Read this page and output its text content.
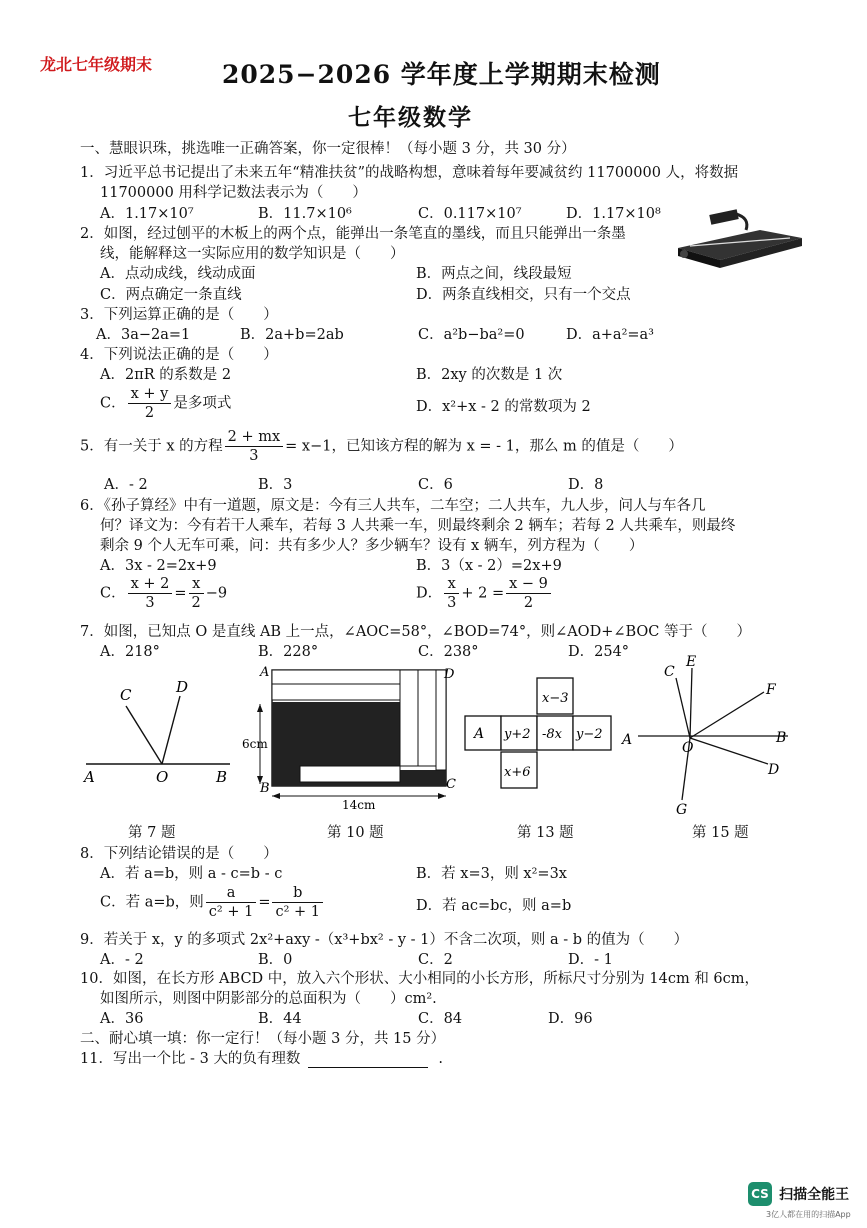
龙北七年级期末	2025−2026 学年度上学期期末检测
七年级数学
一、慧眼识珠，挑选唯一正确答案，你一定很棒！（每小题 3 分，共 30 分）
1．习近平总书记提出了未来五年“精准扶贫”的战略构想，意味着每年要减贫约 11700000 人，将数据
11700000 用科学记数法表示为（　　）
A．1.17×10⁷	B．11.7×10⁶	C．0.117×10⁷	D．1.17×10⁸
2．如图，经过刨平的木板上的两个点，能弹出一条笔直的墨线，而且只能弹出一条墨
线，能解释这一实际应用的数学知识是（　　）
A．点动成线，线动成面	B．两点之间，线段最短
C．两点确定一条直线	D．两条直线相交，只有一个交点
3．下列运算正确的是（　　）
A．3a−2a=1	B．2a+b=2ab	C．a²b−ba²=0	D．a+a²=a³
4．下列说法正确的是（　　）
A．2πR 的系数是 2	B．2xy 的次数是 1 次
C． $\frac{x + y}{2}$ 是多项式	D．x²+x - 2 的常数项为 2
5．有一关于 x 的方程 $\frac{2 + mx}{3} = x-1$，已知该方程的解为 x = - 1，那么 m 的值是（　　）
A．- 2	B．3	C．6	D．8
6．《孙子算经》中有一道题，原文是：今有三人共车，二车空；二人共车，九人步，问人与车各几
何？译文为：今有若干人乘车，若每 3 人共乘一车，则最终剩余 2 辆车；若每 2 人共乘车，则最终
剩余 9 个人无车可乘，问：共有多少人？多少辆车？设有 x 辆车，列方程为（　　）
A．3x - 2=2x+9	B．3（x - 2）=2x+9
C． $\frac{x + 2}{3} = \frac{x}{2} -9$	D． $\frac{x}{3} + 2 = \frac{x - 9}{2}$
7．如图，已知点 O 是直线 AB 上一点，∠AOC=58°，∠BOD=74°，则∠AOD+∠BOC 等于（　　）
A．218°	B．228°	C．238°	D．254°
C	D
A	O	B
第 7 题
A	D
B	C
6cm
14cm
第 10 题
x−3
A y+2 -8x y−2
x+6
第 13 题
C
E
F
A	O
B
D
G
第 15 题
8．下列结论错误的是（　　）
A．若 a=b，则 a - c=b - c	B．若 x=3，则 x²=3x
C．若 a=b，则 $\frac{a}{\text{c² + 1}} = \frac{b}{\text{c² + 1}}$	D．若 ac=bc，则 a=b
9．若关于 x，y 的多项式 2x²+axy -（x³+bx² - y - 1）不含二次项，则 a - b 的值为（　　）
A．- 2	B．0	C．2	D．- 1
10．如图，在长方形 ABCD 中，放入六个形状、大小相同的小长方形，所标尺寸分别为 14cm 和 6cm，
如图所示，则图中阴影部分的总面积为（　　）cm².
A．36	B．44	C．84	D．96
二、耐心填一填：你一定行！（每小题 3 分，共 15 分）
11．写出一个比 - 3 大的负有理数	.
CS 扫描全能王
3亿人都在用的扫描App
